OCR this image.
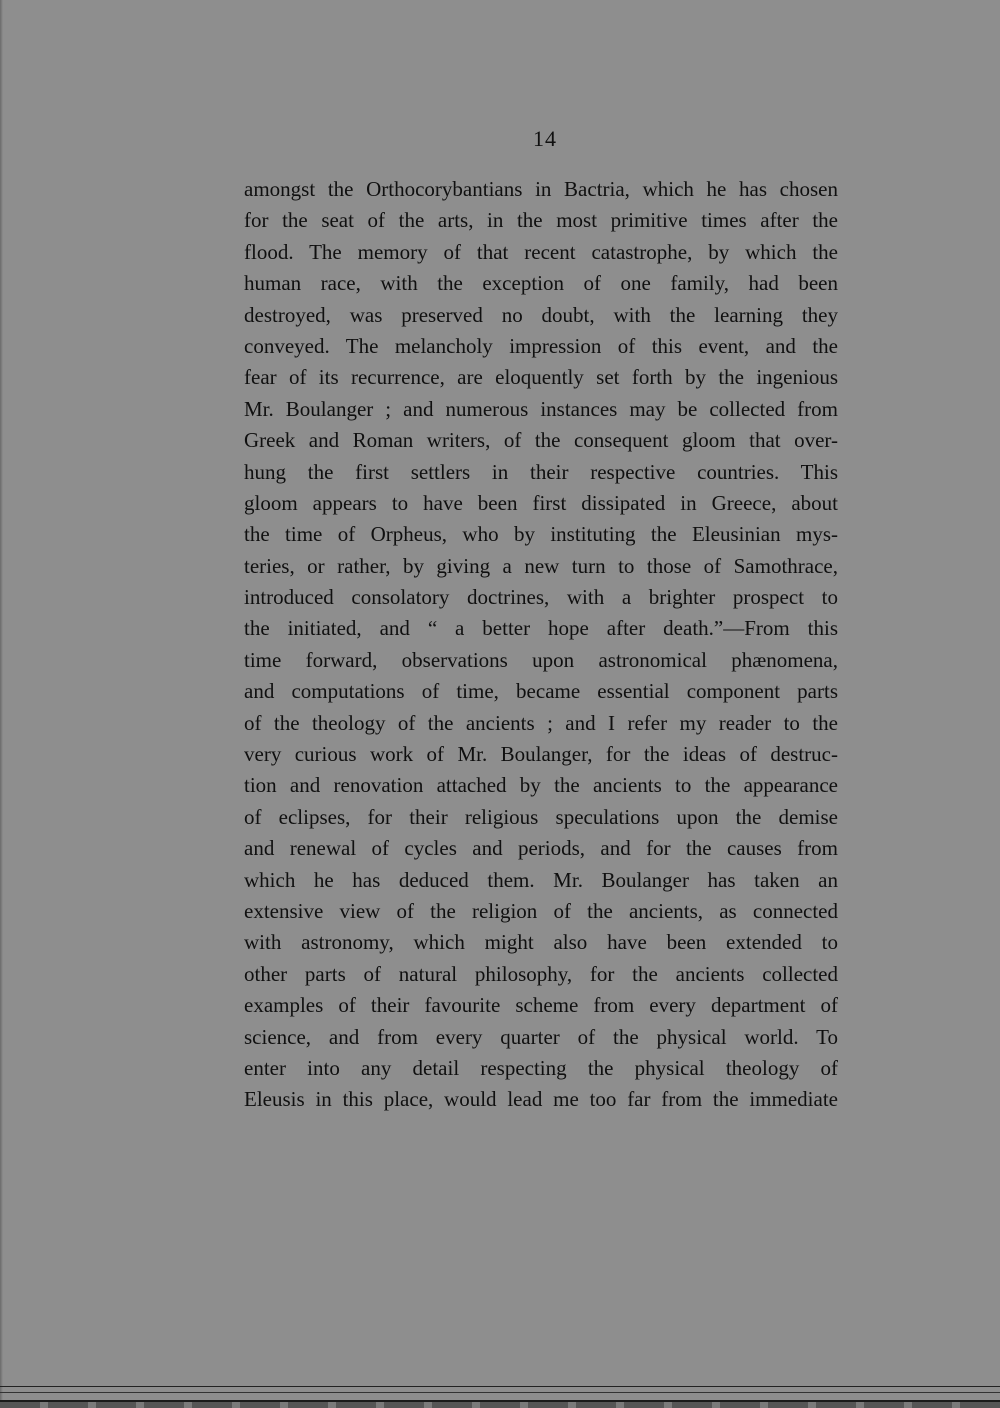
14
amongst the Orthocorybantians in Bactria, which he has chosen
for the seat of the arts, in the most primitive times after the
flood. The memory of that recent catastrophe, by which the
human race, with the exception of one family, had been
destroyed, was preserved no doubt, with the learning they
conveyed. The melancholy impression of this event, and the
fear of its recurrence, are eloquently set forth by the ingenious
Mr. Boulanger ; and numerous instances may be collected from
Greek and Roman writers, of the consequent gloom that over-
hung the first settlers in their respective countries. This
gloom appears to have been first dissipated in Greece, about
the time of Orpheus, who by instituting the Eleusinian mys-
teries, or rather, by giving a new turn to those of Samothrace,
introduced consolatory doctrines, with a brighter prospect to
the initiated, and “ a better hope after death.”—From this
time forward, observations upon astronomical phænomena,
and computations of time, became essential component parts
of the theology of the ancients ; and I refer my reader to the
very curious work of Mr. Boulanger, for the ideas of destruc-
tion and renovation attached by the ancients to the appearance
of eclipses, for their religious speculations upon the demise
and renewal of cycles and periods, and for the causes from
which he has deduced them. Mr. Boulanger has taken an
extensive view of the religion of the ancients, as connected
with astronomy, which might also have been extended to
other parts of natural philosophy, for the ancients collected
examples of their favourite scheme from every department of
science, and from every quarter of the physical world. To
enter into any detail respecting the physical theology of
Eleusis in this place, would lead me too far from the immediate
